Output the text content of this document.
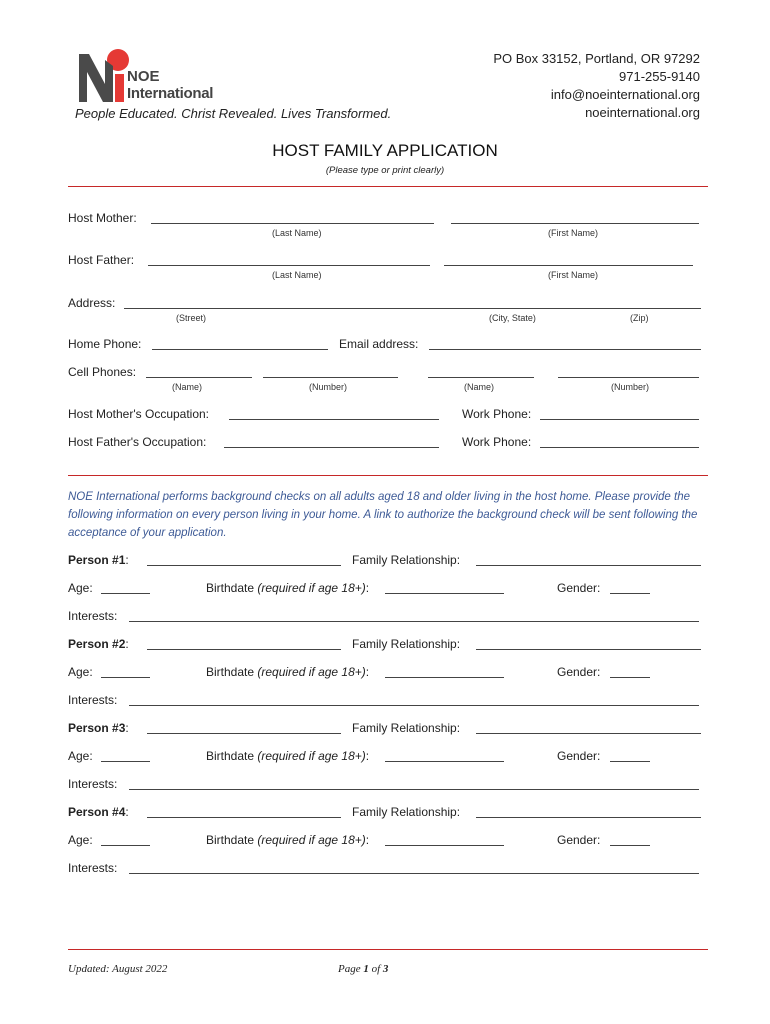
NOE
International
People Educated. Christ Revealed. Lives Transformed.
PO Box 33152, Portland, OR 97292
971-255-9140
info@noeinternational.org
noeinternational.org
HOST FAMILY APPLICATION
(Please type or print clearly)
Host Mother:
(Last Name)	(First Name)
Host Father:
(Last Name)	(First Name)
Address:
(Street)	(City, State)	(Zip)
Home Phone:	Email address:
Cell Phones:
(Name)	(Number)	(Name)	(Number)
Host Mother's Occupation:	Work Phone:
Host Father's Occupation:	Work Phone:
NOE International performs background checks on all adults aged 18 and older living in the host home. Please provide the following information on every person living in your home. A link to authorize the background check will be sent following the acceptance of your application.
Person #1:	Family Relationship:
Age:	Birthdate (required if age 18+):	Gender:
Interests:
Person #2:	Family Relationship:
Age:	Birthdate (required if age 18+):	Gender:
Interests:
Person #3:	Family Relationship:
Age:	Birthdate (required if age 18+):	Gender:
Interests:
Person #4:	Family Relationship:
Age:	Birthdate (required if age 18+):	Gender:
Interests:
Updated: August 2022	Page 1 of 3
